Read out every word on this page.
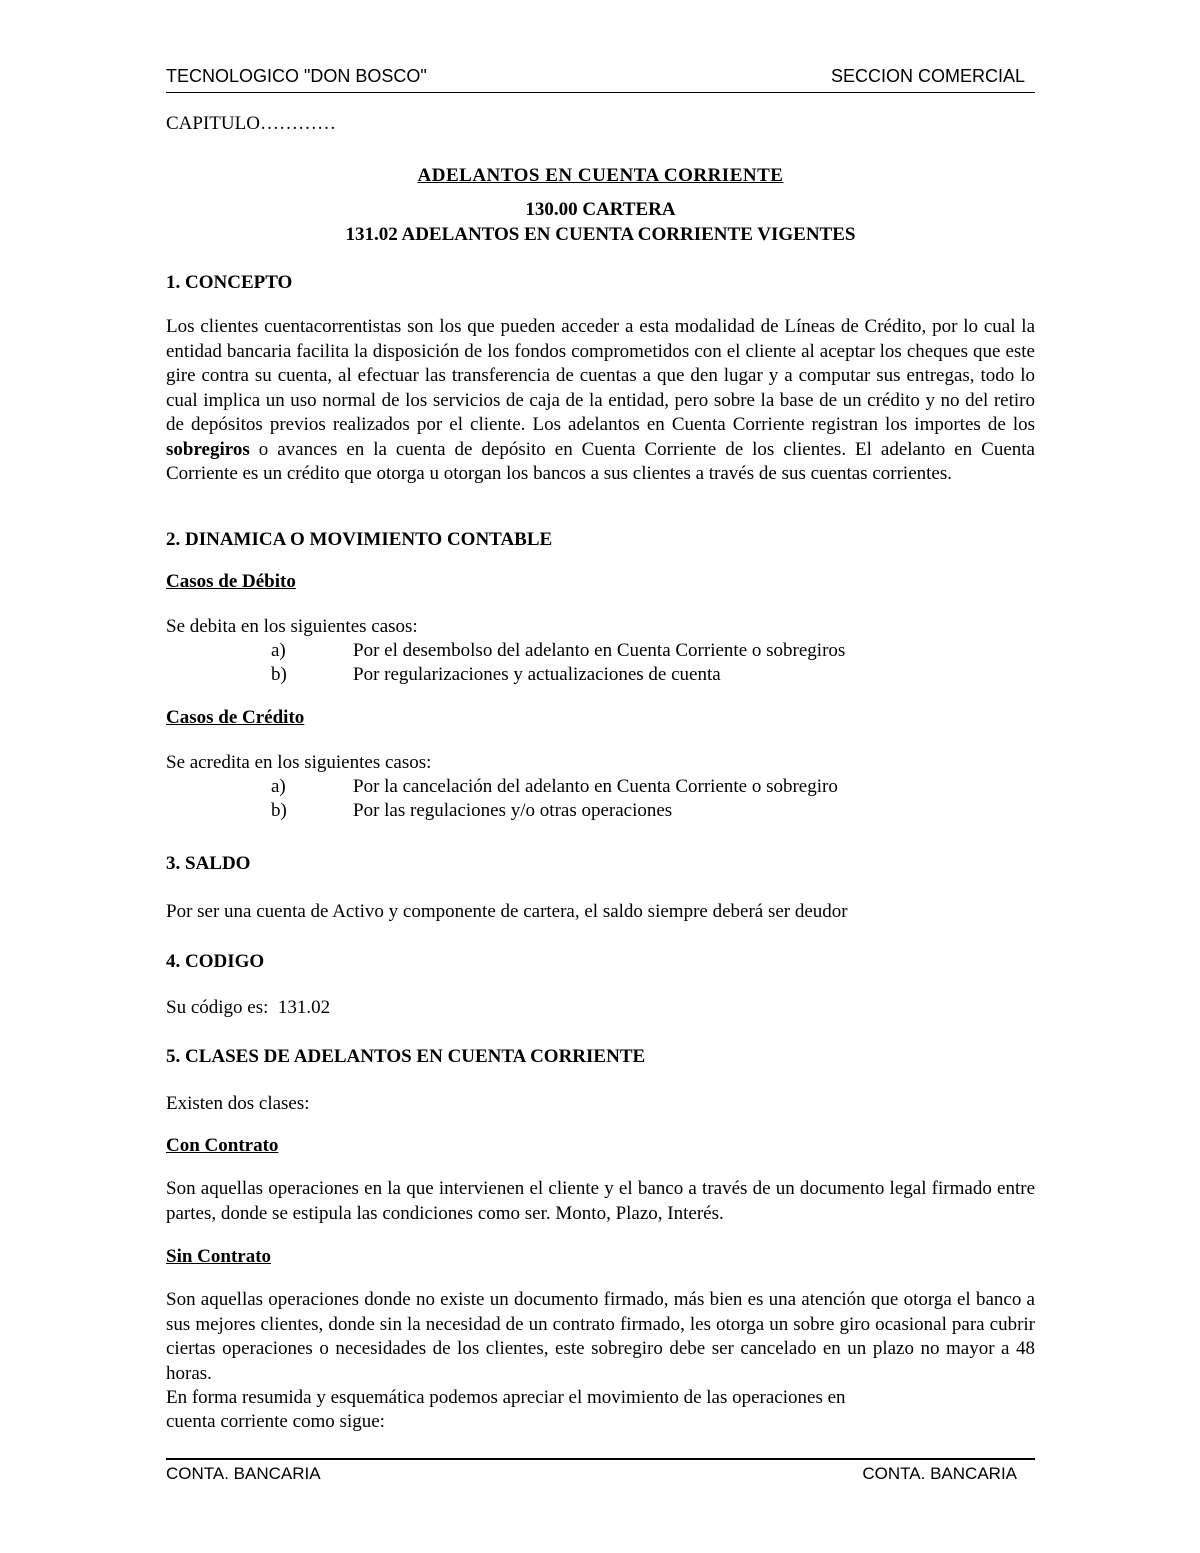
TECNOLOGICO "DON BOSCO"	SECCION COMERCIAL
CAPITULO…………
ADELANTOS EN CUENTA CORRIENTE
130.00 CARTERA
131.02 ADELANTOS EN CUENTA CORRIENTE VIGENTES
1. CONCEPTO
Los clientes cuentacorrentistas son los que pueden acceder a esta modalidad de Líneas de Crédito, por lo cual la entidad bancaria facilita la disposición de los fondos comprometidos con el cliente al aceptar los cheques que este gire contra su cuenta, al efectuar las transferencia de cuentas a que den lugar y a computar sus entregas, todo lo cual implica un uso normal de los servicios de caja de la entidad, pero sobre la base de un crédito y no del retiro de depósitos previos realizados por el cliente. Los adelantos en Cuenta Corriente registran los importes de los sobregiros o avances en la cuenta de depósito en Cuenta Corriente de los clientes. El adelanto en Cuenta Corriente es un crédito que otorga u otorgan los bancos a sus clientes a través de sus cuentas corrientes.
2. DINAMICA O MOVIMIENTO CONTABLE
Casos de Débito
Se debita en los siguientes casos:
a)	Por el desembolso del adelanto en Cuenta Corriente o sobregiros
b)	Por regularizaciones y actualizaciones de cuenta
Casos de Crédito
Se acredita en los siguientes casos:
a)	Por la cancelación del adelanto en Cuenta Corriente o sobregiro
b)	Por las regulaciones y/o otras operaciones
3. SALDO
Por ser una cuenta de Activo y componente de cartera, el saldo siempre deberá ser deudor
4. CODIGO
Su código es:  131.02
5. CLASES DE ADELANTOS EN CUENTA CORRIENTE
Existen dos clases:
Con Contrato
Son aquellas operaciones en la que intervienen el cliente y el banco a través de un documento legal firmado entre partes, donde se estipula las condiciones como ser. Monto, Plazo, Interés.
Sin Contrato
Son aquellas operaciones donde no existe un documento firmado, más bien es una atención que otorga el banco a sus mejores clientes, donde sin la necesidad de un contrato firmado, les otorga un sobre giro ocasional para cubrir ciertas operaciones o necesidades de los clientes, este sobregiro debe ser cancelado en un plazo no mayor a 48 horas.
En forma resumida y esquemática podemos apreciar el movimiento de las operaciones en
cuenta corriente como sigue:
CONTA. BANCARIA	CONTA. BANCARIA
